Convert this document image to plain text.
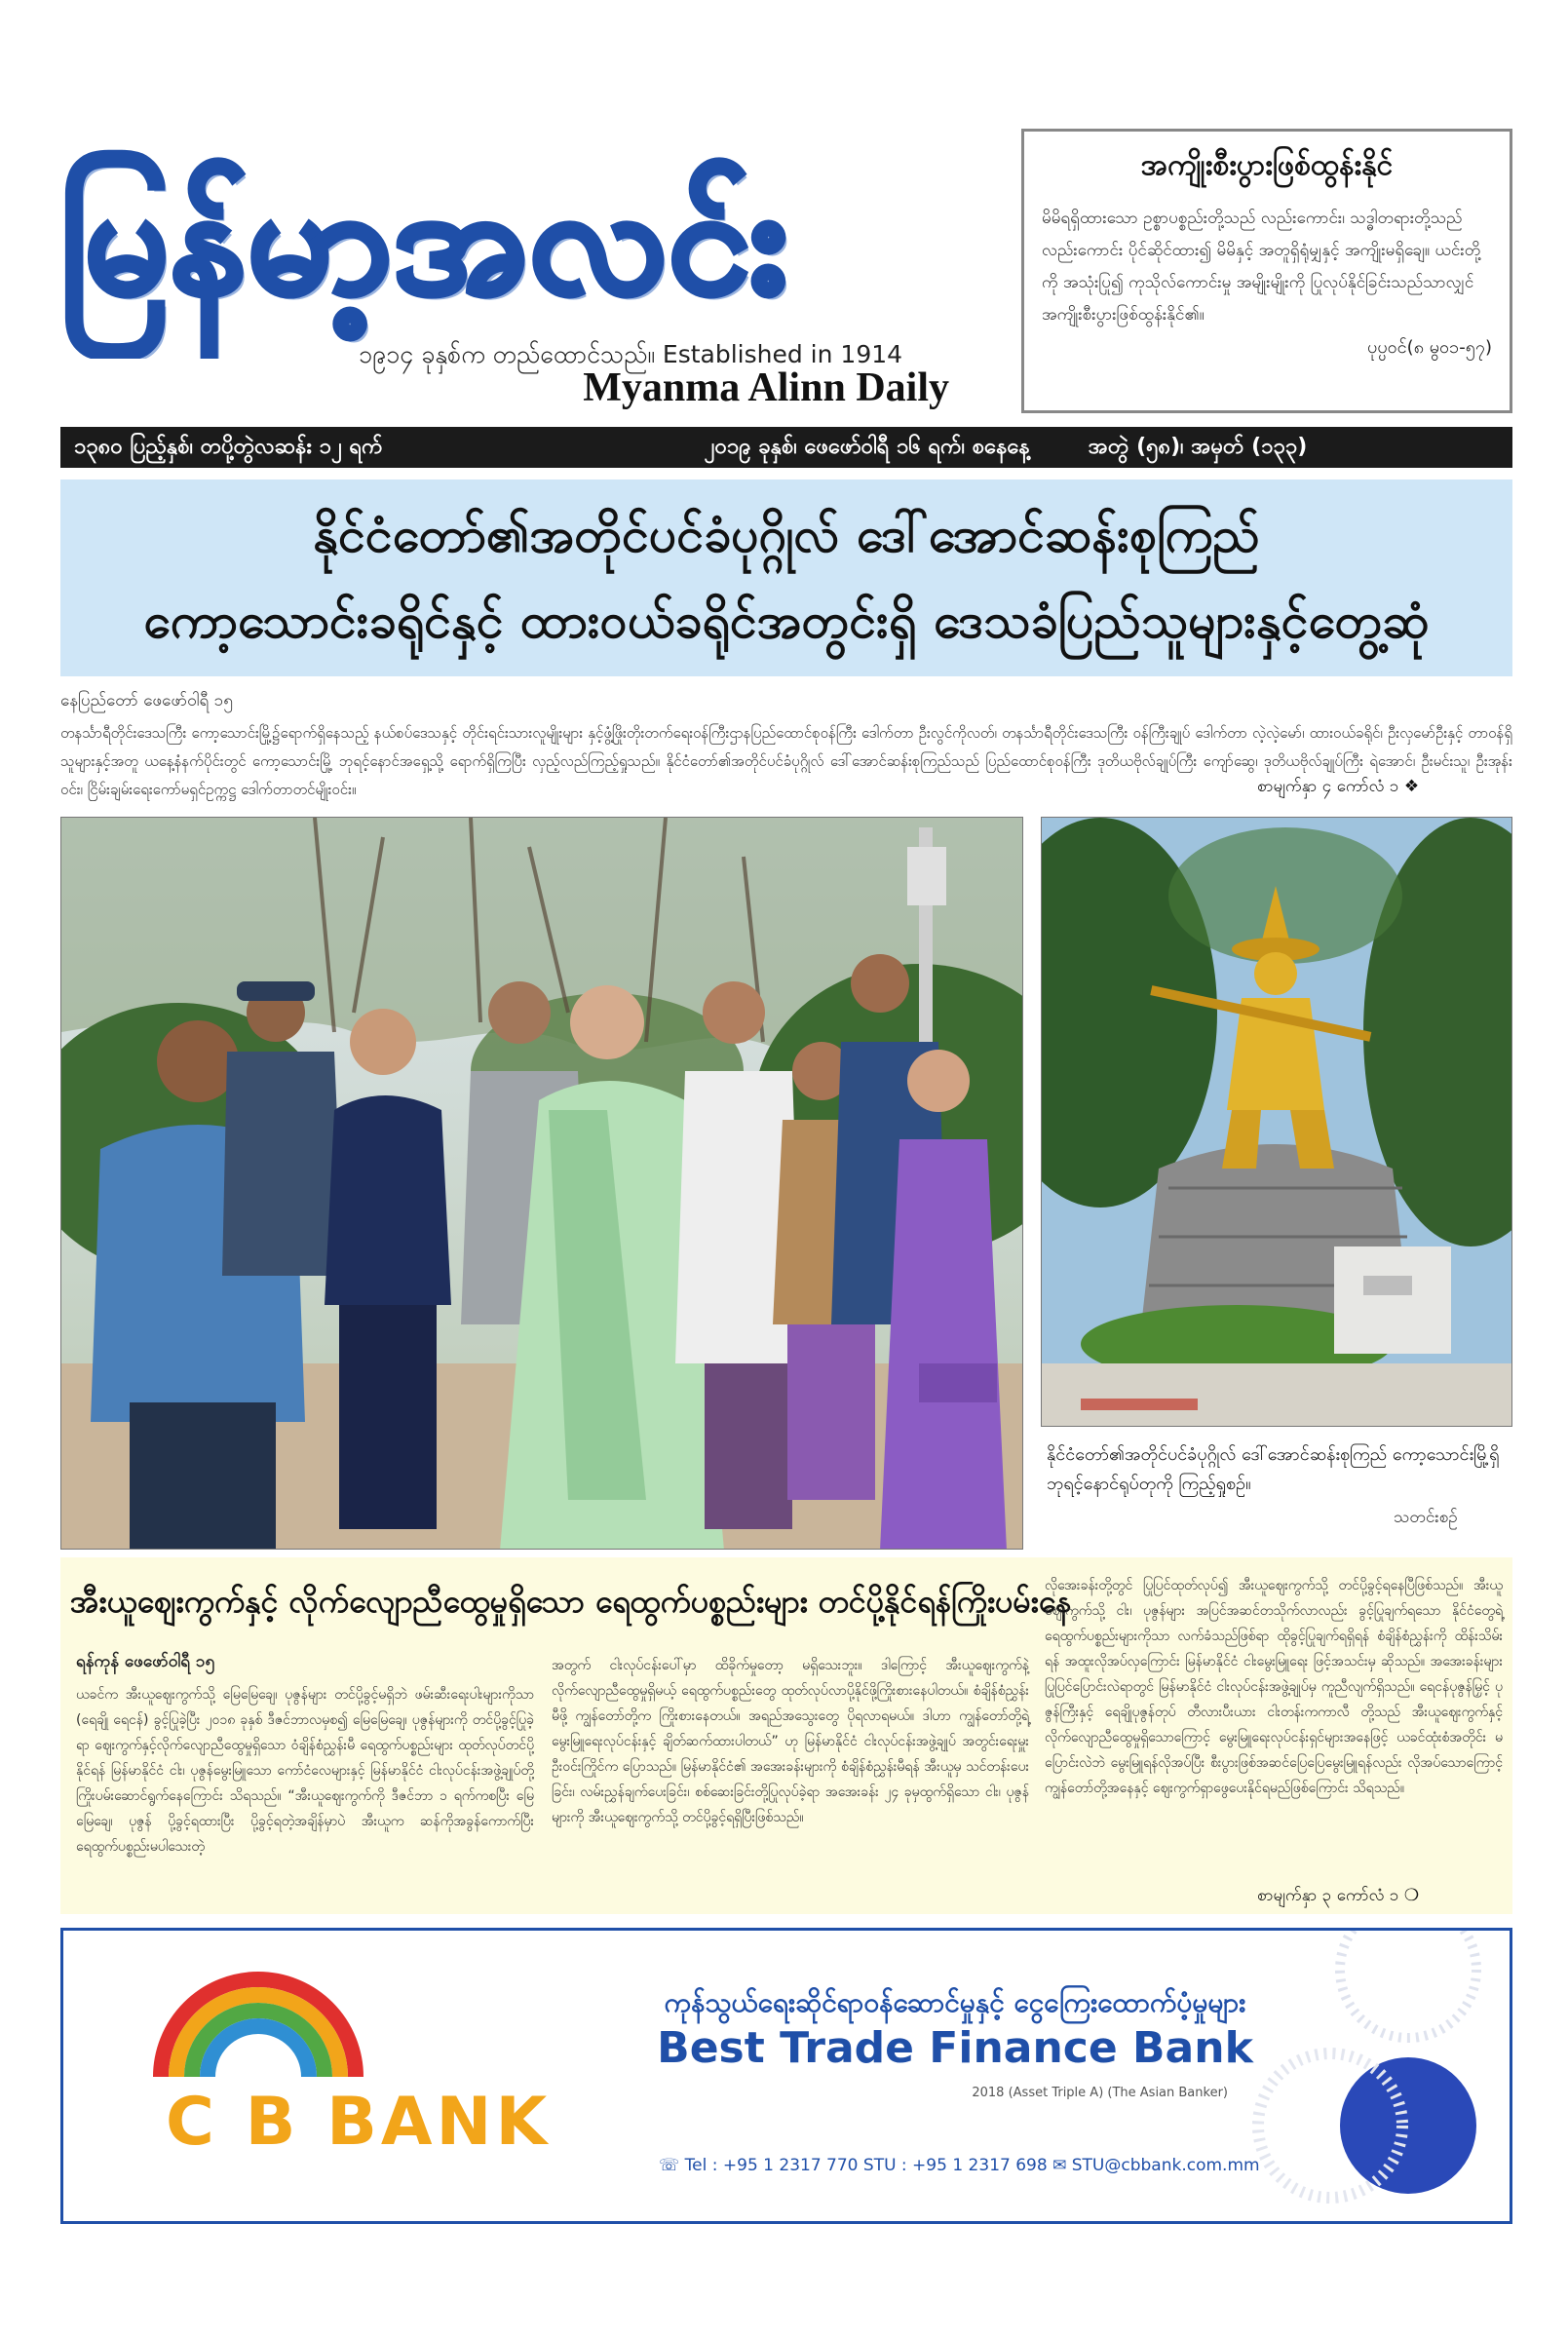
မြန်မာ့အလင်း
၁၉၁၄ ခုနှစ်က တည်ထောင်သည်။ Established in 1914
Myanma Alinn Daily
အကျိုးစီးပွားဖြစ်ထွန်းနိုင်
မိမိရရှိထားသော ဥစ္စာပစ္စည်းတို့သည် လည်းကောင်း၊ သဒ္ဓါတရားတို့သည် လည်းကောင်း ပိုင်ဆိုင်ထား၍ မိမိနှင့် အတူရှိရုံမျှနှင့် အကျိုးမရှိချေ။ ယင်းတို့ကို အသုံးပြု၍ ကုသိုလ်ကောင်းမှု အမျိုးမျိုးကို ပြုလုပ်နိုင်ခြင်းသည်သာလျှင် အကျိုးစီးပွားဖြစ်ထွန်းနိုင်၏။
ပုပ္ပဝင်(၈ မွ၀၁-၅၇)
၁၃၈၀ ပြည့်နှစ်၊ တပို့တွဲလဆန်း ၁၂ ရက်	၂၀၁၉ ခုနှစ်၊ ဖေဖော်ဝါရီ ၁၆ ရက်၊ စနေနေ့	အတွဲ (၅၈)၊ အမှတ် (၁၃၃)
နိုင်ငံတော်၏အတိုင်ပင်ခံပုဂ္ဂိုလ် ဒေါ်အောင်ဆန်းစုကြည်
ကော့သောင်းခရိုင်နှင့် ထားဝယ်ခရိုင်အတွင်းရှိ ဒေသခံပြည်သူများနှင့်တွေ့ဆုံ
နေပြည်တော် ဖေဖော်ဝါရီ ၁၅
တနင်္သာရီတိုင်းဒေသကြီး ကော့သောင်းမြို့၌ရောက်ရှိနေသည့် နယ်စပ်ဒေသနှင့် တိုင်းရင်းသားလူမျိုးများ နှင့်ဖွံ့ဖြိုးတိုးတက်ရေးဝန်ကြီးဌာနပြည်ထောင်စုဝန်ကြီး ဒေါက်တာ ဦးလွင်ကိုလတ်၊ တနင်္သာရီတိုင်းဒေသကြီး ဝန်ကြီးချုပ် ဒေါက်တာ လဲ့လဲ့မော်၊ ထားဝယ်ခရိုင်၊ ဦးလှမော်ဦးနှင့် တာဝန်ရှိသူများနှင့်အတူ ယနေ့နံနက်ပိုင်းတွင် ကော့သောင်းမြို့ ဘုရင့်နောင်အရှေ့သို့ ရောက်ရှိကြပြီး လှည့်လည်ကြည့်ရှုသည်။ နိုင်ငံတော်၏အတိုင်ပင်ခံပုဂ္ဂိုလ် ဒေါ်အောင်ဆန်းစုကြည်သည် ပြည်ထောင်စုဝန်ကြီး ဒုတိယဗိုလ်ချုပ်ကြီး ကျော်ဆွေ၊ ဒုတိယဗိုလ်ချုပ်ကြီး ရဲအောင်၊ ဦးမင်းသူ၊ ဦးအုန်းဝင်း၊ ငြိမ်းချမ်းရေးကော်မရှင်ဥက္ကဋ္ဌ ဒေါက်တာတင်မျိုးဝင်း။
နိုင်ငံတော်၏အတိုင်ပင်ခံပုဂ္ဂိုလ် ဒေါ်အောင်ဆန်းစုကြည် ကော့သောင်းမြို့ရှိ ဘုရင့်နောင်ရုပ်တုကို ကြည့်ရှုစဉ်။
သတင်းစဉ်
အီးယူဈေးကွက်နှင့် လိုက်လျောညီထွေမှုရှိသော ရေထွက်ပစ္စည်းများ တင်ပို့နိုင်ရန်ကြိုးပမ်းနေ
ရန်ကုန် ဖေဖော်ဝါရီ ၁၅
ယခင်က အီးယူဈေးကွက်သို့ မြေမြေချေ၊ ပုဇွန်များ တင်ပို့ခွင့်မရှိဘဲ ဖမ်းဆီးရေးပါးများကိုသာ (ရေချို ရေငန်) ခွင့်ပြုခဲ့ပြီး ၂၀၁၈ ခုနှစ် ဒီဇင်ဘာလမှစ၍ မြေမြေချေ၊ ပုဇွန်များကို တင်ပို့ခွင့်ပြုခဲ့ရာ ဈေးကွက်နှင့်လိုက်လျောညီထွေမှုရှိသော ဝံချိန်စံညွှန်းမီ ရေထွက်ပစ္စည်းများ ထုတ်လုပ်တင်ပို့နိုင်ရန် မြန်မာနိုင်ငံ ငါး၊ ပုဇွန်မွေးမြူသော ကော်ငံလေများနှင့် မြန်မာနိုင်ငံ ငါးလုပ်ငန်းအဖွဲ့ချုပ်တို့ ကြိုးပမ်းဆောင်ရွက်နေကြောင်း သိရသည်။ “အီးယူဈေးကွက်ကို ဒီဇင်ဘာ ၁ ရက်ကစပြီး မြေမြေချေ၊ ပုဇွန် ပို့ခွင့်ရထားပြီး ပို့ခွင့်ရတဲ့အချိန်မှာပဲ အီးယူက ဆန်ကိုအခွန်ကောက်ပြီး ရေထွက်ပစ္စည်းမပါသေးတဲ့
အတွက် ငါးလုပ်ငန်းပေါ်မှာ ထိခိုက်မှုတော့ မရှိသေးဘူး။ ဒါကြောင့် အီးယူဈေးကွက်နဲ့ လိုက်လျောညီထွေမှုရှိမယ့် ရေထွက်ပစ္စည်းတွေ ထုတ်လုပ်လာပို့နိုင်ဖို့ကြိုးစားနေပါတယ်။ စံချိန်စံညွှန်းမီဖို့ ကျွန်တော်တို့က ကြိုးစားနေတယ်။ အရည်အသွေးတွေ ပိုရလာရမယ်။ ဒါဟာ ကျွန်တော်တို့ရဲ့ မွေးမြူရေးလုပ်ငန်းနှင့် ချိတ်ဆက်ထားပါတယ်” ဟု မြန်မာနိုင်ငံ ငါးလုပ်ငန်းအဖွဲ့ချုပ် အတွင်းရေးမှူး ဦးဝင်းကြိုင်က ပြောသည်။ မြန်မာနိုင်ငံ၏ အအေးခန်းများကို စံချိန်စံညွှန်းမီရန် အီးယူမှ သင်တန်းပေးခြင်း၊ လမ်းညွှန်ချက်ပေးခြင်း၊ စစ်ဆေးခြင်းတို့ပြုလုပ်ခဲ့ရာ အအေးခန်း ၂၄ ခုမှထွက်ရှိသော ငါး၊ ပုဇွန်များကို အီးယူဈေးကွက်သို့ တင်ပို့ခွင့်ရရှိပြီးဖြစ်သည်။
လိုအေးခန်းတို့တွင် ပြုပြင်ထုတ်လုပ်၍ အီးယူဈေးကွက်သို့ တင်ပို့ခွင့်ရနေပြီဖြစ်သည်။ အီးယူဈေးကွက်သို့ ငါး၊ ပုဇွန်များ အပြင်အဆင်တသိုက်လာလည်း ခွင့်ပြုချက်ရသော နိုင်ငံတွေရဲ့ ရေထွက်ပစ္စည်းများကိုသာ လက်ခံသည်ဖြစ်ရာ ထိုခွင့်ပြုချက်ရရှိရန် စံချိန်စံညွှန်းကို ထိန်းသိမ်းရန် အထူးလိုအပ်လှကြောင်း မြန်မာနိုင်ငံ ငါးမွေးမြူရေး ဖြင့်အသင်းမှ ဆိုသည်။ အအေးခန်းများ ပြုပြင်ပြောင်းလဲရာတွင် မြန်မာနိုင်ငံ ငါးလုပ်ငန်းအဖွဲ့ချုပ်မှ ကူညီလျက်ရှိသည်။ ရေငန်ပုဇွန်မြှင့် ပုဇွန်ကြီးနှင့် ရေချိုပုဇွန်တုပ် တီလားပီးယား ငါးတန်းကကာလီ တို့သည် အီးယူဈေးကွက်နှင့် လိုက်လျောညီထွေမှုရှိသောကြောင့် မွေးမြူရေးလုပ်ငန်းရှင်များအနေဖြင့် ယခင်ထုံးစံအတိုင်း မပြောင်းလဲဘဲ မွေးမြူရန်လိုအပ်ပြီး စီးပွားဖြစ်အဆင်ပြေပြေမွေးမြူရန်လည်း လိုအပ်သောကြောင့် ကျွန်တော်တို့အနေနှင့် ဈေးကွက်ရှာဖွေပေးနိုင်ရမည်ဖြစ်ကြောင်း သိရသည်။
စာမျက်နှာ ၃ ကော်လံ ၁ ❍
C B BANK
ကုန်သွယ်ရေးဆိုင်ရာဝန်ဆောင်မှုနှင့် ငွေကြေးထောက်ပံ့မှုများ
Best Trade Finance Bank
2018 (Asset Triple A) (The Asian Banker)
☏ Tel : +95 1 2317 770 STU : +95 1 2317 698 ✉ STU@cbbank.com.mm
စာမျက်နှာ ၄ ကော်လံ ၁ ❖
